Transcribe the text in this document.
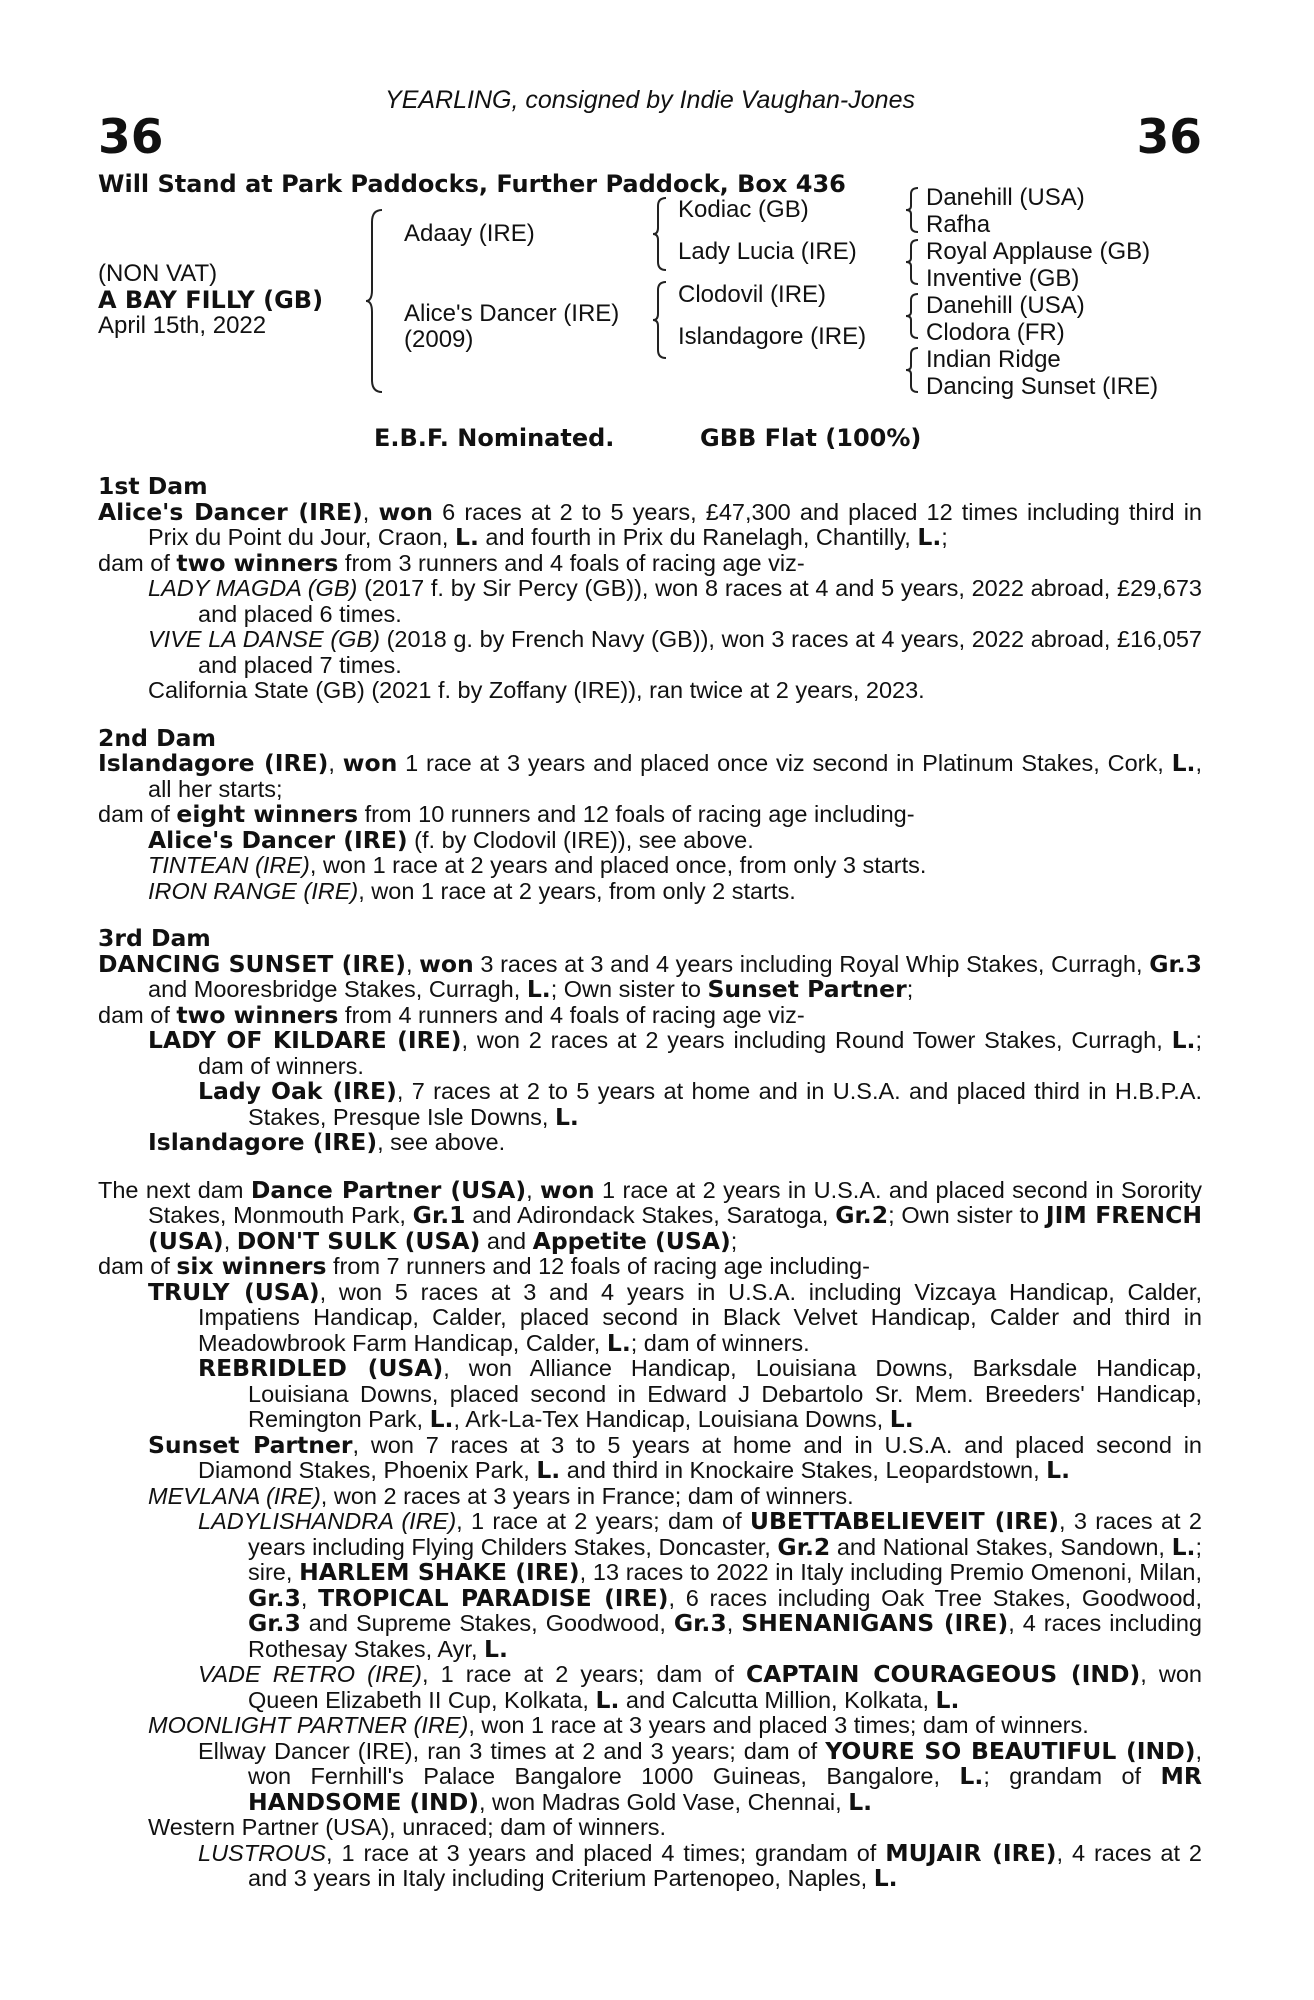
YEARLING, consigned by Indie Vaughan-Jones
36	36
Will Stand at Park Paddocks, Further Paddock, Box 436
(NON VAT)
A BAY FILLY (GB)
April 15th, 2022
Adaay (IRE)
Alice's Dancer (IRE)
(2009)
Kodiac (GB)
Lady Lucia (IRE)
Clodovil (IRE)
Islandagore (IRE)
Danehill (USA)
Rafha
Royal Applause (GB)
Inventive (GB)
Danehill (USA)
Clodora (FR)
Indian Ridge
Dancing Sunset (IRE)
E.B.F. Nominated.	GBB Flat (100%)
1st Dam

Alice's Dancer (IRE), won 6 races at 2 to 5 years, £47,300 and placed 12 times including third in Prix du Point du Jour, Craon, L. and fourth in Prix du Ranelagh, Chantilly, L.;

dam of two winners from 3 runners and 4 foals of racing age viz-

LADY MAGDA (GB) (2017 f. by Sir Percy (GB)), won 8 races at 4 and 5 years, 2022 abroad, £29,673 and placed 6 times.

VIVE LA DANSE (GB) (2018 g. by French Navy (GB)), won 3 races at 4 years, 2022 abroad, £16,057 and placed 7 times.

California State (GB) (2021 f. by Zoffany (IRE)), ran twice at 2 years, 2023.

2nd Dam

Islandagore (IRE), won 1 race at 3 years and placed once viz second in Platinum Stakes, Cork, L., all her starts;

dam of eight winners from 10 runners and 12 foals of racing age including-

Alice's Dancer (IRE) (f. by Clodovil (IRE)), see above.

TINTEAN (IRE), won 1 race at 2 years and placed once, from only 3 starts.

IRON RANGE (IRE), won 1 race at 2 years, from only 2 starts.

3rd Dam

DANCING SUNSET (IRE), won 3 races at 3 and 4 years including Royal Whip Stakes, Curragh, Gr.3 and Mooresbridge Stakes, Curragh, L.; Own sister to Sunset Partner;

dam of two winners from 4 runners and 4 foals of racing age viz-

LADY OF KILDARE (IRE), won 2 races at 2 years including Round Tower Stakes, Curragh, L.; dam of winners.

Lady Oak (IRE), 7 races at 2 to 5 years at home and in U.S.A. and placed third in H.B.P.A. Stakes, Presque Isle Downs, L.

Islandagore (IRE), see above.

The next dam Dance Partner (USA), won 1 race at 2 years in U.S.A. and placed second in Sorority Stakes, Monmouth Park, Gr.1 and Adirondack Stakes, Saratoga, Gr.2; Own sister to JIM FRENCH (USA), DON'T SULK (USA) and Appetite (USA);

dam of six winners from 7 runners and 12 foals of racing age including-

TRULY (USA), won 5 races at 3 and 4 years in U.S.A. including Vizcaya Handicap, Calder, Impatiens Handicap, Calder, placed second in Black Velvet Handicap, Calder and third in Meadowbrook Farm Handicap, Calder, L.; dam of winners.

REBRIDLED (USA), won Alliance Handicap, Louisiana Downs, Barksdale Handicap, Louisiana Downs, placed second in Edward J Debartolo Sr. Mem. Breeders' Handicap, Remington Park, L., Ark-La-Tex Handicap, Louisiana Downs, L.

Sunset Partner, won 7 races at 3 to 5 years at home and in U.S.A. and placed second in Diamond Stakes, Phoenix Park, L. and third in Knockaire Stakes, Leopardstown, L.

MEVLANA (IRE), won 2 races at 3 years in France; dam of winners.

LADYLISHANDRA (IRE), 1 race at 2 years; dam of UBETTABELIEVEIT (IRE), 3 races at 2 years including Flying Childers Stakes, Doncaster, Gr.2 and National Stakes, Sandown, L.; sire, HARLEM SHAKE (IRE), 13 races to 2022 in Italy including Premio Omenoni, Milan, Gr.3, TROPICAL PARADISE (IRE), 6 races including Oak Tree Stakes, Goodwood, Gr.3 and Supreme Stakes, Goodwood, Gr.3, SHENANIGANS (IRE), 4 races including Rothesay Stakes, Ayr, L.

VADE RETRO (IRE), 1 race at 2 years; dam of CAPTAIN COURAGEOUS (IND), won Queen Elizabeth II Cup, Kolkata, L. and Calcutta Million, Kolkata, L.

MOONLIGHT PARTNER (IRE), won 1 race at 3 years and placed 3 times; dam of winners.

Ellway Dancer (IRE), ran 3 times at 2 and 3 years; dam of YOURE SO BEAUTIFUL (IND), won Fernhill's Palace Bangalore 1000 Guineas, Bangalore, L.; grandam of MR HANDSOME (IND), won Madras Gold Vase, Chennai, L.

Western Partner (USA), unraced; dam of winners.

LUSTROUS, 1 race at 3 years and placed 4 times; grandam of MUJAIR (IRE), 4 races at 2 and 3 years in Italy including Criterium Partenopeo, Naples, L.
